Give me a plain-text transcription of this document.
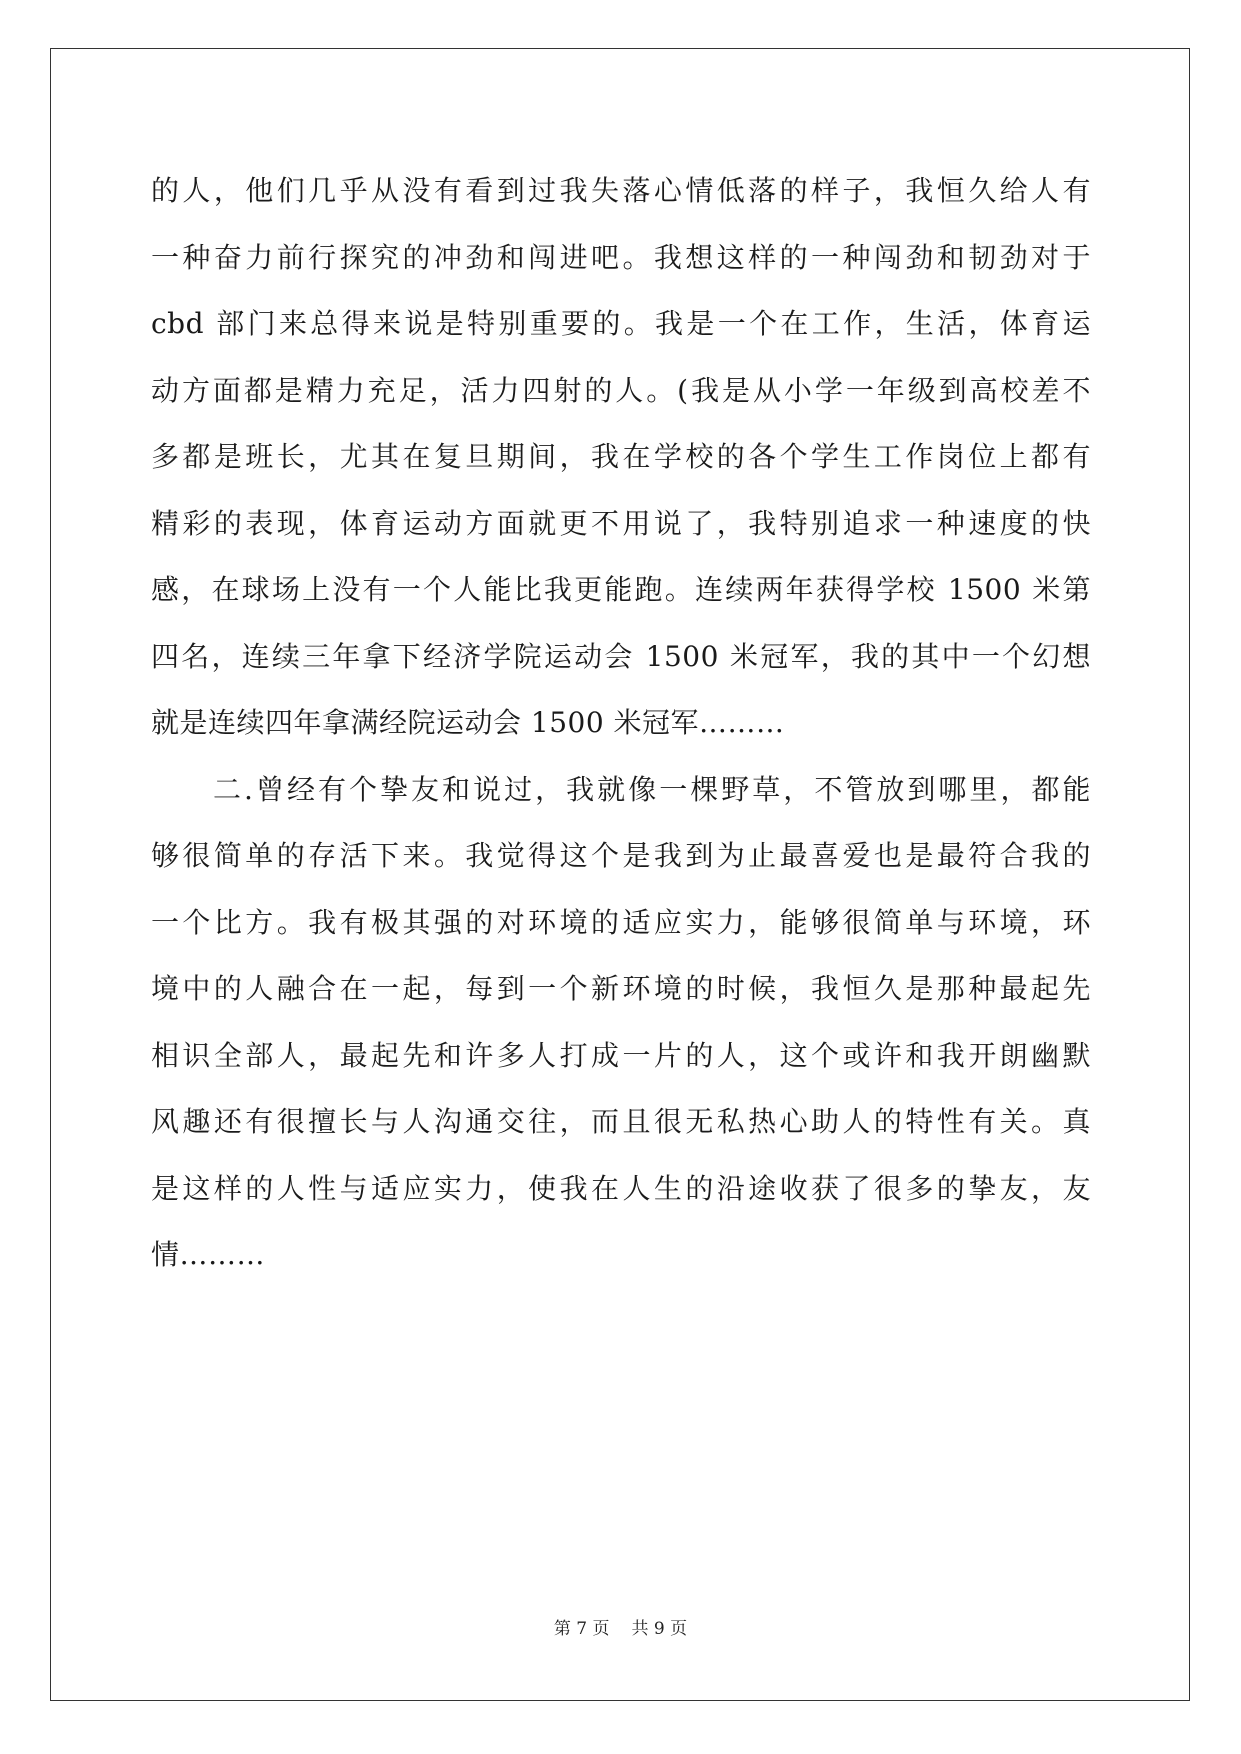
的人，他们几乎从没有看到过我失落心情低落的样子，我恒久给人有
一种奋力前行探究的冲劲和闯进吧。我想这样的一种闯劲和韧劲对于
cbd 部门来总得来说是特别重要的。我是一个在工作，生活，体育运
动方面都是精力充足，活力四射的人。(我是从小学一年级到高校差不
多都是班长，尤其在复旦期间，我在学校的各个学生工作岗位上都有
精彩的表现，体育运动方面就更不用说了，我特别追求一种速度的快
感，在球场上没有一个人能比我更能跑。连续两年获得学校 1500 米第
四名，连续三年拿下经济学院运动会 1500 米冠军，我的其中一个幻想
就是连续四年拿满经院运动会 1500 米冠军………
二.曾经有个挚友和说过，我就像一棵野草，不管放到哪里，都能
够很简单的存活下来。我觉得这个是我到为止最喜爱也是最符合我的
一个比方。我有极其强的对环境的适应实力，能够很简单与环境，环
境中的人融合在一起，每到一个新环境的时候，我恒久是那种最起先
相识全部人，最起先和许多人打成一片的人，这个或许和我开朗幽默
风趣还有很擅长与人沟通交往，而且很无私热心助人的特性有关。真
是这样的人性与适应实力，使我在人生的沿途收获了很多的挚友，友
情………
第 7 页 共 9 页
